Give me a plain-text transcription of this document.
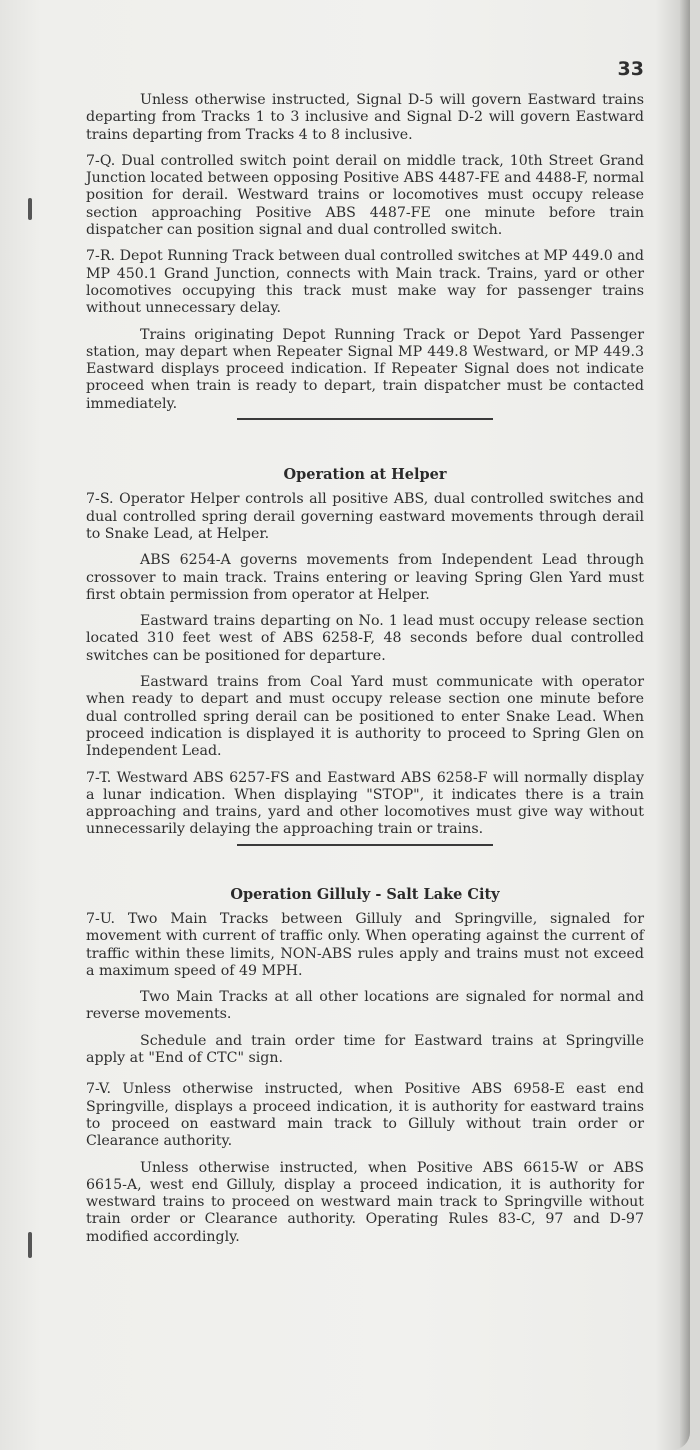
33

Unless otherwise instructed, Signal D-5 will govern Eastward trains departing from Tracks 1 to 3 inclusive and Signal D-2 will govern Eastward trains departing from Tracks 4 to 8 inclusive.

7-Q. Dual controlled switch point derail on middle track, 10th Street Grand Junction located between opposing Positive ABS 4487-FE and 4488-F, normal position for derail. Westward trains or locomotives must occupy release section approaching Positive ABS 4487-FE one minute before train dispatcher can position signal and dual controlled switch.

7-R. Depot Running Track between dual controlled switches at MP 449.0 and MP 450.1 Grand Junction, connects with Main track. Trains, yard or other locomotives occupying this track must make way for passenger trains without unnecessary delay.

Trains originating Depot Running Track or Depot Yard Passenger station, may depart when Repeater Signal MP 449.8 Westward, or MP 449.3 Eastward displays proceed indication. If Repeater Signal does not indicate proceed when train is ready to depart, train dispatcher must be contacted immediately.

Operation at Helper

7-S. Operator Helper controls all positive ABS, dual controlled switches and dual controlled spring derail governing eastward movements through derail to Snake Lead, at Helper.

ABS 6254-A governs movements from Independent Lead through crossover to main track. Trains entering or leaving Spring Glen Yard must first obtain permission from operator at Helper.

Eastward trains departing on No. 1 lead must occupy release section located 310 feet west of ABS 6258-F, 48 seconds before dual controlled switches can be positioned for departure.

Eastward trains from Coal Yard must communicate with operator when ready to depart and must occupy release section one minute before dual controlled spring derail can be positioned to enter Snake Lead. When proceed indication is displayed it is authority to proceed to Spring Glen on Independent Lead.

7-T. Westward ABS 6257-FS and Eastward ABS 6258-F will normally display a lunar indication. When displaying "STOP", it indicates there is a train approaching and trains, yard and other locomotives must give way without unnecessarily delaying the approaching train or trains.

Operation Gilluly - Salt Lake City

7-U. Two Main Tracks between Gilluly and Springville, signaled for movement with current of traffic only. When operating against the current of traffic within these limits, NON-ABS rules apply and trains must not exceed a maximum speed of 49 MPH.

Two Main Tracks at all other locations are signaled for normal and reverse movements.

Schedule and train order time for Eastward trains at Springville apply at "End of CTC" sign.

7-V. Unless otherwise instructed, when Positive ABS 6958-E east end Springville, displays a proceed indication, it is authority for eastward trains to proceed on eastward main track to Gilluly without train order or Clearance authority.

Unless otherwise instructed, when Positive ABS 6615-W or ABS 6615-A, west end Gilluly, display a proceed indication, it is authority for westward trains to proceed on westward main track to Springville without train order or Clearance authority. Operating Rules 83-C, 97 and D-97 modified accordingly.
